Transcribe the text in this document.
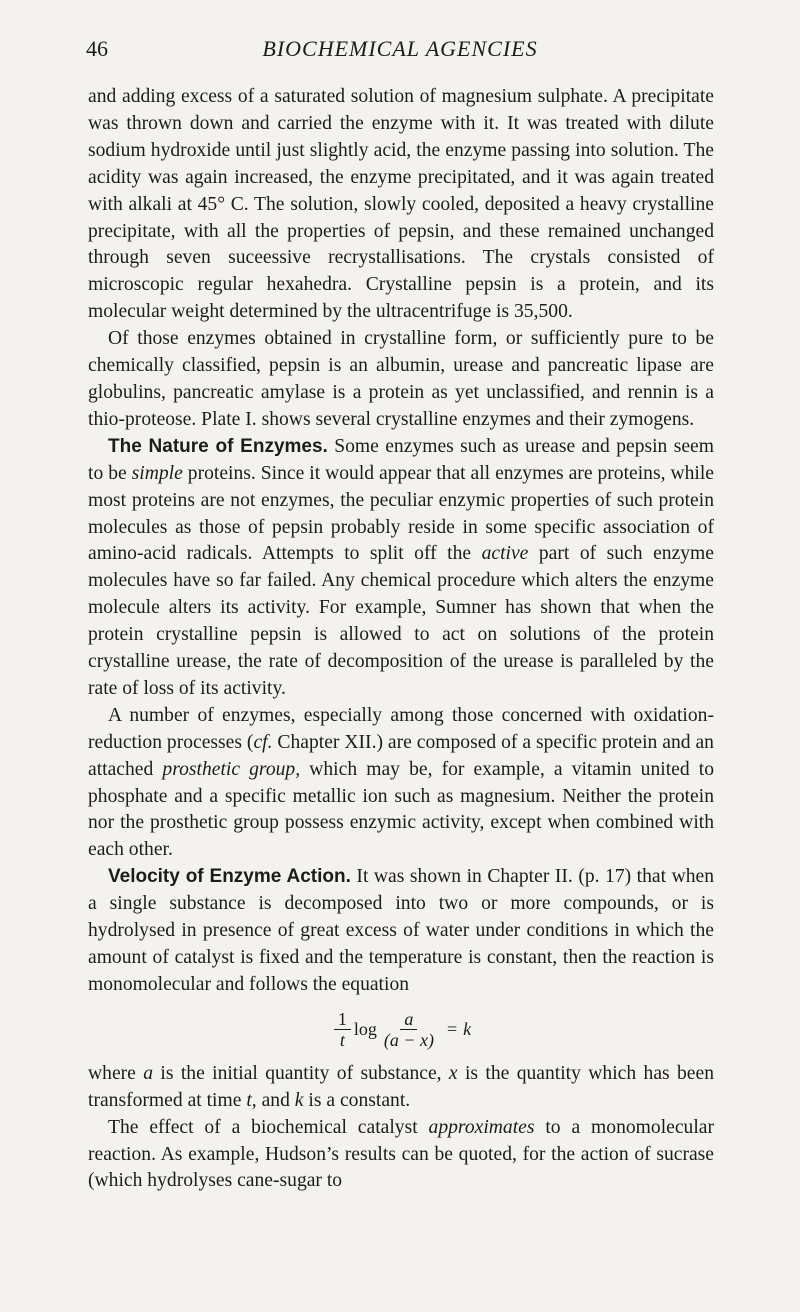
46	BIOCHEMICAL AGENCIES

and adding excess of a saturated solution of magnesium sulphate. A precipitate was thrown down and carried the enzyme with it. It was treated with dilute sodium hydroxide until just slightly acid, the enzyme passing into solution. The acidity was again increased, the enzyme precipitated, and it was again treated with alkali at 45° C. The solution, slowly cooled, deposited a heavy crystalline precipitate, with all the properties of pepsin, and these remained unchanged through seven suceessive recrystallisations. The crystals consisted of microscopic regular hexahedra. Crystalline pepsin is a protein, and its molecular weight determined by the ultracentrifuge is 35,500.

Of those enzymes obtained in crystalline form, or sufficiently pure to be chemically classified, pepsin is an albumin, urease and pancreatic lipase are globulins, pancreatic amylase is a protein as yet unclassified, and rennin is a thio-proteose. Plate I. shows several crystalline enzymes and their zymogens.

The Nature of Enzymes. Some enzymes such as urease and pepsin seem to be simple proteins. Since it would appear that all enzymes are proteins, while most proteins are not enzymes, the peculiar enzymic properties of such protein molecules as those of pepsin probably reside in some specific association of amino-acid radicals. Attempts to split off the active part of such enzyme molecules have so far failed. Any chemical procedure which alters the enzyme molecule alters its activity. For example, Sumner has shown that when the protein crystalline pepsin is allowed to act on solutions of the protein crystalline urease, the rate of decomposition of the urease is paralleled by the rate of loss of its activity.

A number of enzymes, especially among those concerned with oxidation-reduction processes (cf. Chapter XII.) are composed of a specific protein and an attached prosthetic group, which may be, for example, a vitamin united to phosphate and a specific metallic ion such as magnesium. Neither the protein nor the prosthetic group possess enzymic activity, except when combined with each other.

Velocity of Enzyme Action. It was shown in Chapter II. (p. 17) that when a single substance is decomposed into two or more compounds, or is hydrolysed in presence of great excess of water under conditions in which the amount of catalyst is fixed and the temperature is constant, then the reaction is monomolecular and follows the equation

$\frac{1}{t}$ $\log \frac{a}{(a - x)} = k$

where a is the initial quantity of substance, x is the quantity which has been transformed at time t, and k is a constant.

The effect of a biochemical catalyst approximates to a monomolecular reaction. As example, Hudson’s results can be quoted, for the action of sucrase (which hydrolyses cane-sugar to
